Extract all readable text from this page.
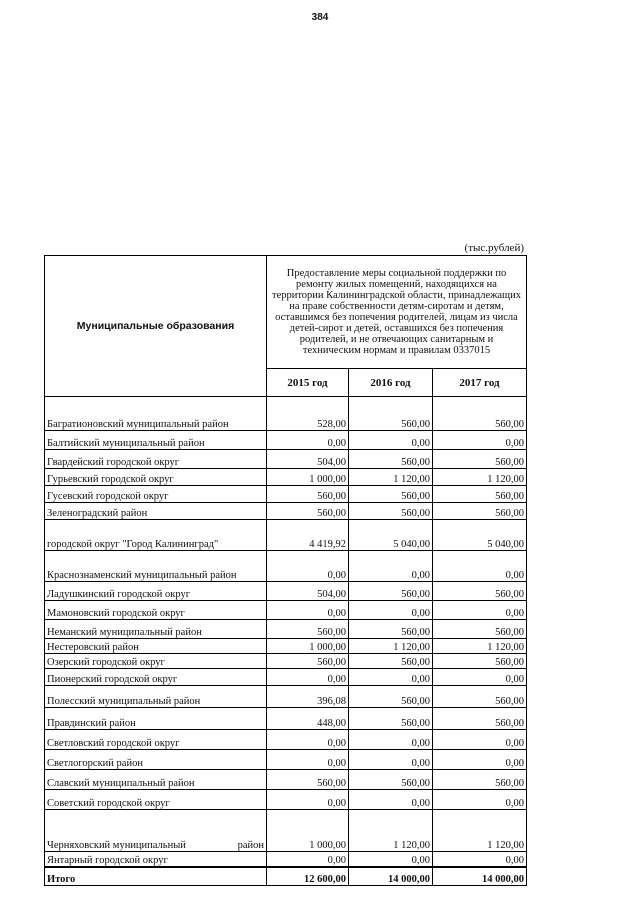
384
(тыс.рублей)
Муниципальные образования	Предоставление меры социальной поддержки по ремонту жилых помещений, находящихся на территории Калининградской области, принадлежащих на праве собственности детям-сиротам и детям, оставшимся без попечения родителей, лицам из числа детей-сирот и детей, оставшихся без попечения родителей, и не отвечающих санитарным и техническим нормам и правилам 0337015		
	2015 год	2016 год	2017 год
Багратионовский муниципальный район	528,00	560,00	560,00
Балтийский муниципальный район	0,00	0,00	0,00
Гвардейский городской округ	504,00	560,00	560,00
Гурьевский городской округ	1 000,00	1 120,00	1 120,00
Гусевский городской округ	560,00	560,00	560,00
Зеленоградский район	560,00	560,00	560,00
городской округ "Город Калининград"	4 419,92	5 040,00	5 040,00
Краснознаменский муниципальный район	0,00	0,00	0,00
Ладушкинский городской округ	504,00	560,00	560,00
Мамоновский городской округ	0,00	0,00	0,00
Неманский муниципальный район	560,00	560,00	560,00
Нестеровский район	1 000,00	1 120,00	1 120,00
Озерский городской округ	560,00	560,00	560,00
Пионерский городской округ	0,00	0,00	0,00
Полесский муниципальный район	396,08	560,00	560,00
Правдинский район	448,00	560,00	560,00
Светловский городской округ	0,00	0,00	0,00
Светлогорский район	0,00	0,00	0,00
Славский муниципальный район	560,00	560,00	560,00
Советский городской округ	0,00	0,00	0,00

Черняховский муниципальный район	1 000,00	1 120,00	1 120,00
Янтарный городской округ	0,00	0,00	0,00
Итого	12 600,00	14 000,00	14 000,00
